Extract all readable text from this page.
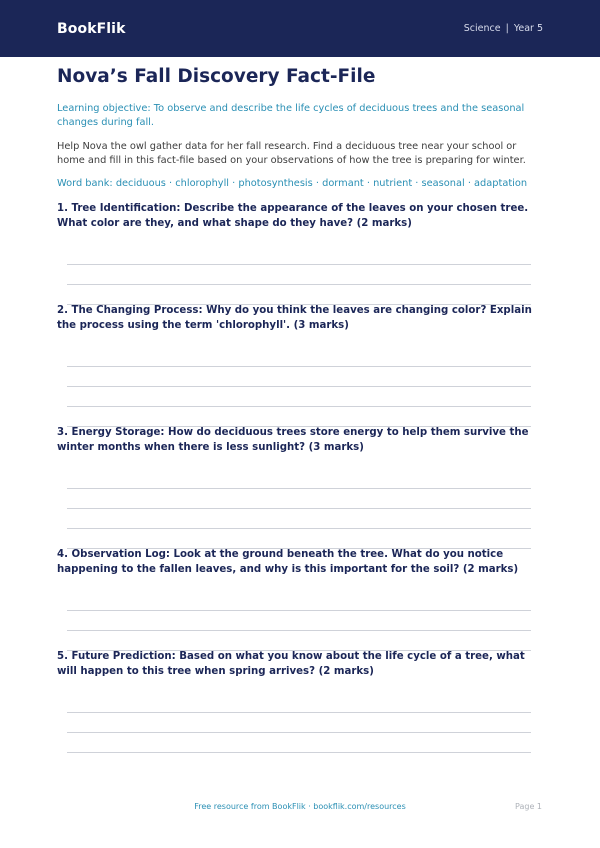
BookFlik	Science | Year 5
Nova’s Fall Discovery Fact-File
Learning objective: To observe and describe the life cycles of deciduous trees and the seasonal changes during fall.
Help Nova the owl gather data for her fall research. Find a deciduous tree near your school or home and fill in this fact-file based on your observations of how the tree is preparing for winter.
Word bank: deciduous · chlorophyll · photosynthesis · dormant · nutrient · seasonal · adaptation
1. Tree Identification: Describe the appearance of the leaves on your chosen tree. What color are they, and what shape do they have? (2 marks)
2. The Changing Process: Why do you think the leaves are changing color? Explain the process using the term 'chlorophyll'. (3 marks)
3. Energy Storage: How do deciduous trees store energy to help them survive the winter months when there is less sunlight? (3 marks)
4. Observation Log: Look at the ground beneath the tree. What do you notice happening to the fallen leaves, and why is this important for the soil? (2 marks)
5. Future Prediction: Based on what you know about the life cycle of a tree, what will happen to this tree when spring arrives? (2 marks)
Free resource from BookFlik · bookflik.com/resources	Page 1
